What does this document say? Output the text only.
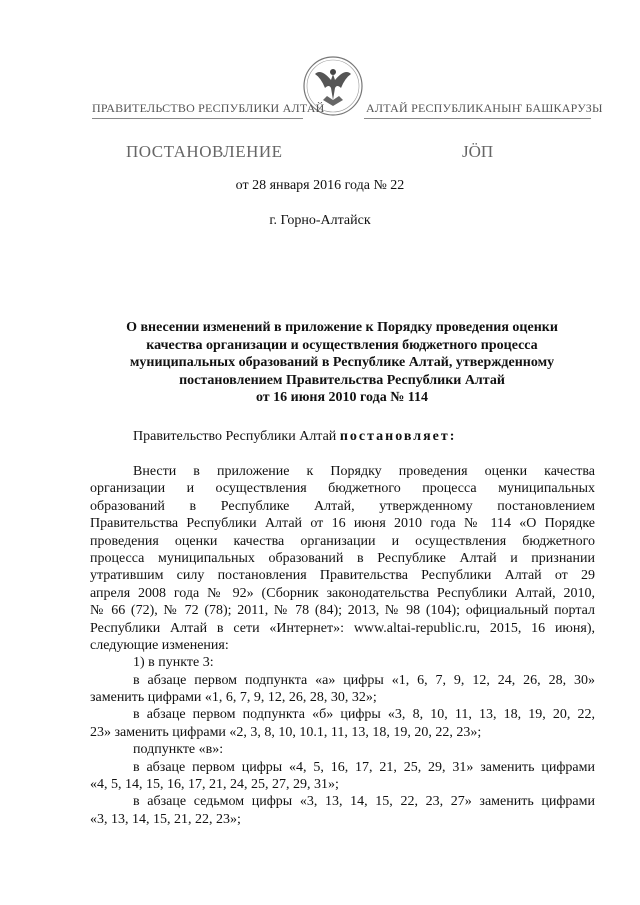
ПРАВИТЕЛЬСТВО РЕСПУБЛИКИ АЛТАЙ	АЛТАЙ РЕСПУБЛИКАНЫҤ БАШКАРУЗЫ
ПОСТАНОВЛЕНИЕ	ЈÖП
от 28 января 2016 года № 22
г. Горно-Алтайск
О внесении изменений в приложение к Порядку проведения оценки
качества организации и осуществления бюджетного процесса
муниципальных образований в Республике Алтай, утвержденному
постановлением Правительства Республики Алтай
от 16 июня 2010 года № 114
Правительство Республики Алтай постановляет:
Внести в приложение к Порядку проведения оценки качества
организации и осуществления бюджетного процесса муниципальных
образований в Республике Алтай, утвержденному постановлением
Правительства Республики Алтай от 16 июня 2010 года № 114 «О Порядке
проведения оценки качества организации и осуществления бюджетного
процесса муниципальных образований в Республике Алтай и признании
утратившим силу постановления Правительства Республики Алтай от 29
апреля 2008 года № 92» (Сборник законодательства Республики Алтай, 2010,
№ 66 (72), № 72 (78); 2011, № 78 (84); 2013, № 98 (104); официальный портал
Республики Алтай в сети «Интернет»: www.altai-republic.ru, 2015, 16 июня),
следующие изменения:
1) в пункте 3:
в абзаце первом подпункта «а» цифры «1, 6, 7, 9, 12, 24, 26, 28, 30»
заменить цифрами «1, 6, 7, 9, 12, 26, 28, 30, 32»;
в абзаце первом подпункта «б» цифры «3, 8, 10, 11, 13, 18, 19, 20, 22,
23» заменить цифрами «2, 3, 8, 10, 10.1, 11, 13, 18, 19, 20, 22, 23»;
подпункте «в»:
в абзаце первом цифры «4, 5, 16, 17, 21, 25, 29, 31» заменить цифрами
«4, 5, 14, 15, 16, 17, 21, 24, 25, 27, 29, 31»;
в абзаце седьмом цифры «3, 13, 14, 15, 22, 23, 27» заменить цифрами
«3, 13, 14, 15, 21, 22, 23»;
